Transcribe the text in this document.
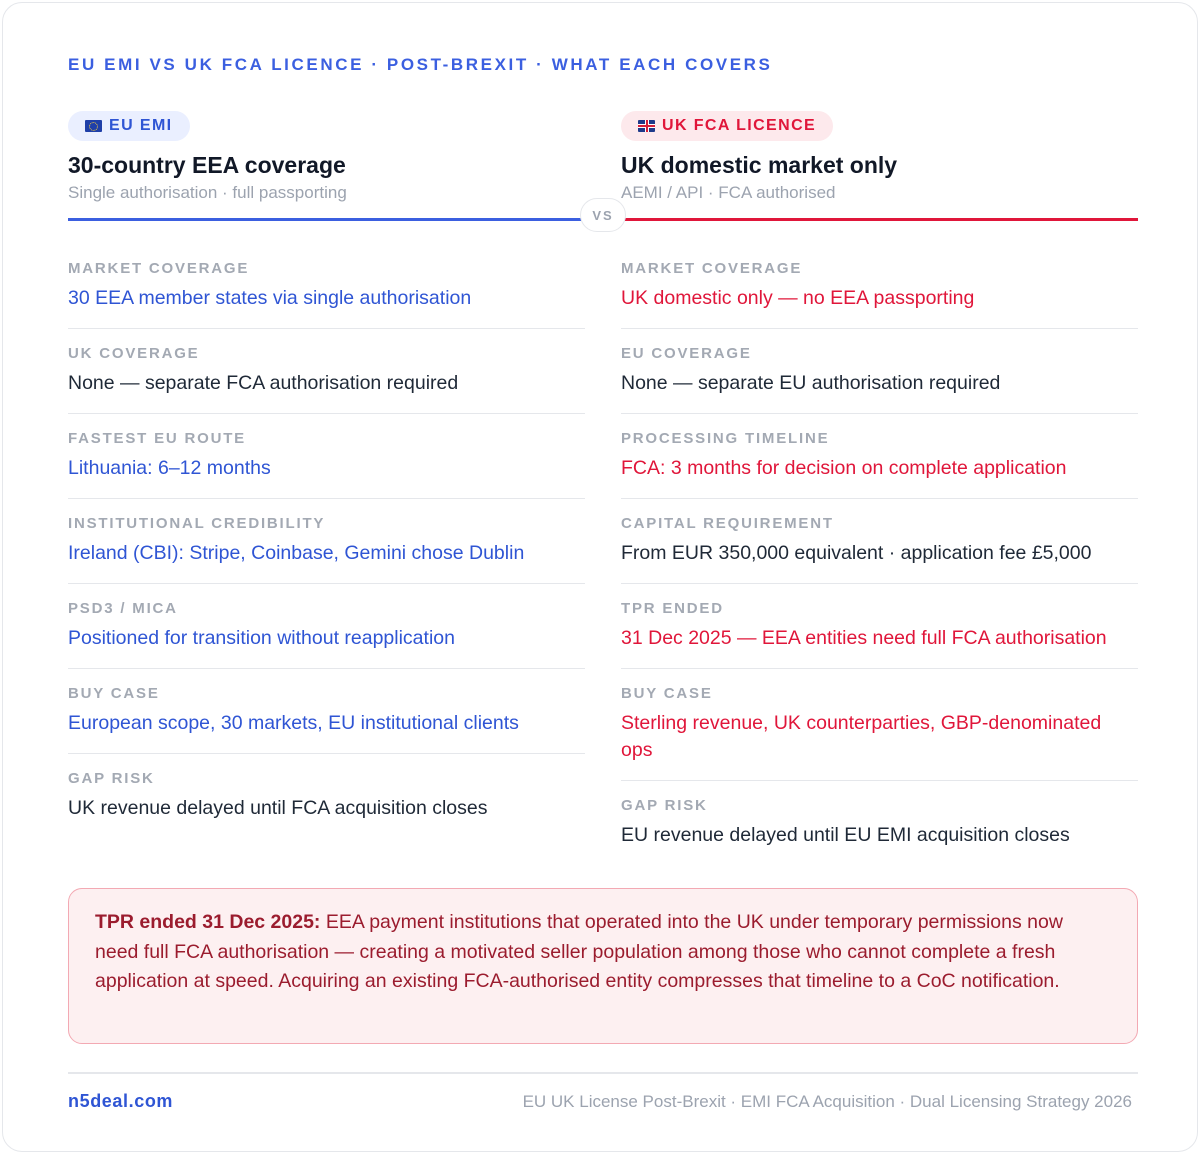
EU EMI VS UK FCA LICENCE · POST-BREXIT · WHAT EACH COVERS
EU EMI
30-country EEA coverage
Single authorisation · full passporting
UK FCA LICENCE
UK domestic market only
AEMI / API · FCA authorised
VS
MARKET COVERAGE
30 EEA member states via single authorisation
UK COVERAGE
None — separate FCA authorisation required
FASTEST EU ROUTE
Lithuania: 6–12 months
INSTITUTIONAL CREDIBILITY
Ireland (CBI): Stripe, Coinbase, Gemini chose Dublin
PSD3 / MICA
Positioned for transition without reapplication
BUY CASE
European scope, 30 markets, EU institutional clients
GAP RISK
UK revenue delayed until FCA acquisition closes
MARKET COVERAGE
UK domestic only — no EEA passporting
EU COVERAGE
None — separate EU authorisation required
PROCESSING TIMELINE
FCA: 3 months for decision on complete application
CAPITAL REQUIREMENT
From EUR 350,000 equivalent · application fee £5,000
TPR ENDED
31 Dec 2025 — EEA entities need full FCA authorisation
BUY CASE
Sterling revenue, UK counterparties, GBP-denominated ops
GAP RISK
EU revenue delayed until EU EMI acquisition closes
TPR ended 31 Dec 2025: EEA payment institutions that operated into the UK under temporary permissions now need full FCA authorisation — creating a motivated seller population among those who cannot complete a fresh application at speed. Acquiring an existing FCA-authorised entity compresses that timeline to a CoC notification.
n5deal.com	EU UK License Post-Brexit · EMI FCA Acquisition · Dual Licensing Strategy 2026
